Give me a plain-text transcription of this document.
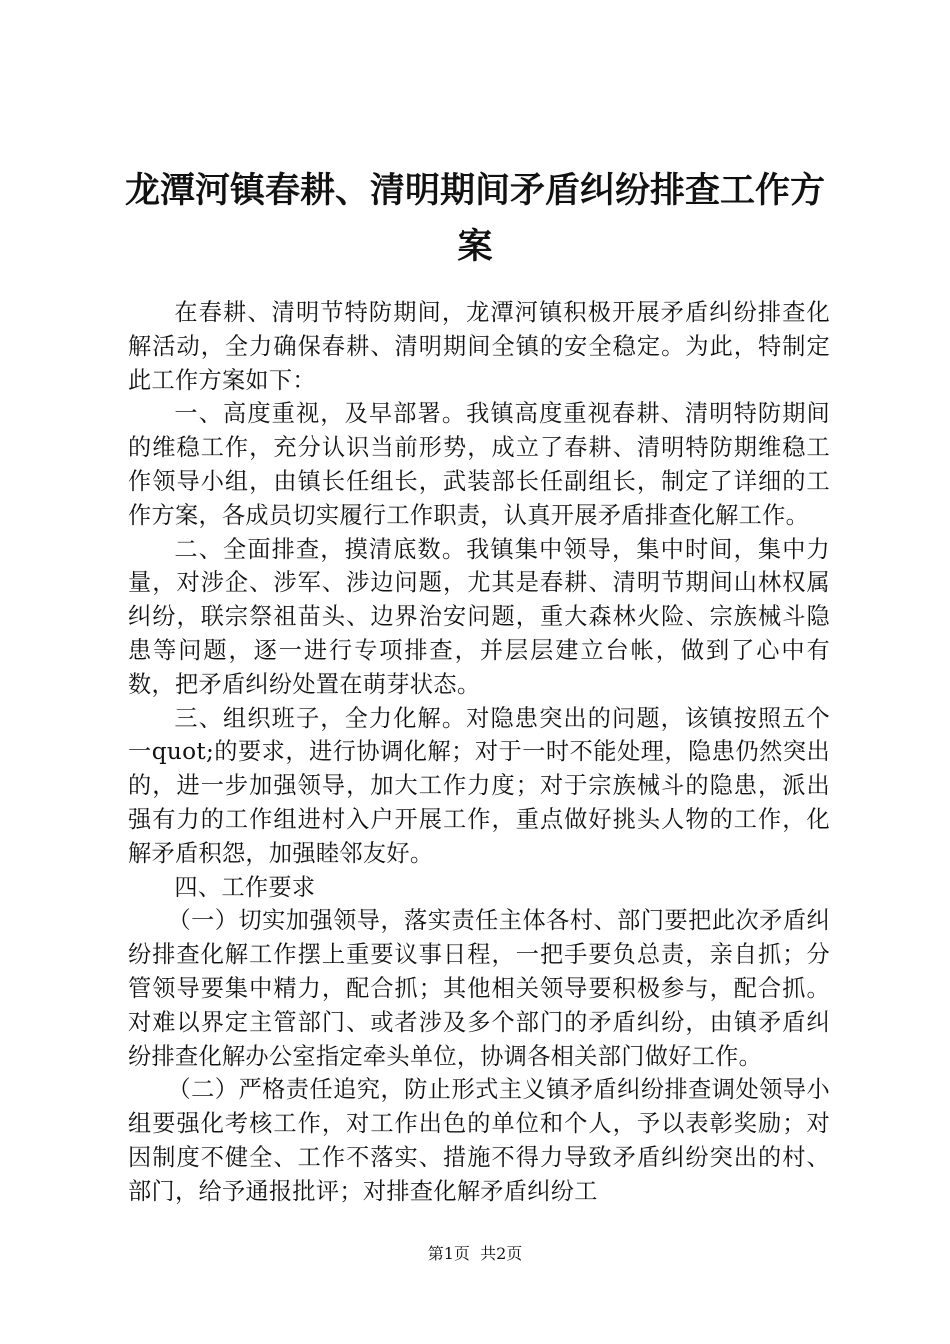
龙潭河镇春耕、清明期间矛盾纠纷排查工作方案

在春耕、清明节特防期间，龙潭河镇积极开展矛盾纠纷排查化解活动，全力确保春耕、清明期间全镇的安全稳定。为此，特制定此工作方案如下：

一、高度重视，及早部署。我镇高度重视春耕、清明特防期间的维稳工作，充分认识当前形势，成立了春耕、清明特防期维稳工作领导小组，由镇长任组长，武装部长任副组长，制定了详细的工作方案，各成员切实履行工作职责，认真开展矛盾排查化解工作。

二、全面排查，摸清底数。我镇集中领导，集中时间，集中力量，对涉企、涉军、涉边问题，尤其是春耕、清明节期间山林权属纠纷，联宗祭祖苗头、边界治安问题，重大森林火险、宗族械斗隐患等问题，逐一进行专项排查，并层层建立台帐，做到了心中有数，把矛盾纠纷处置在萌芽状态。

三、组织班子，全力化解。对隐患突出的问题，该镇按照五个一quot;的要求，进行协调化解；对于一时不能处理，隐患仍然突出的，进一步加强领导，加大工作力度；对于宗族械斗的隐患，派出强有力的工作组进村入户开展工作，重点做好挑头人物的工作，化解矛盾积怨，加强睦邻友好。

四、工作要求

（一）切实加强领导，落实责任主体各村、部门要把此次矛盾纠纷排查化解工作摆上重要议事日程，一把手要负总责，亲自抓；分管领导要集中精力，配合抓；其他相关领导要积极参与，配合抓。对难以界定主管部门、或者涉及多个部门的矛盾纠纷，由镇矛盾纠纷排查化解办公室指定牵头单位，协调各相关部门做好工作。

（二）严格责任追究，防止形式主义镇矛盾纠纷排查调处领导小组要强化考核工作，对工作出色的单位和个人，予以表彰奖励；对因制度不健全、工作不落实、措施不得力导致矛盾纠纷突出的村、部门，给予通报批评；对排查化解矛盾纠纷工

第1页 共2页
